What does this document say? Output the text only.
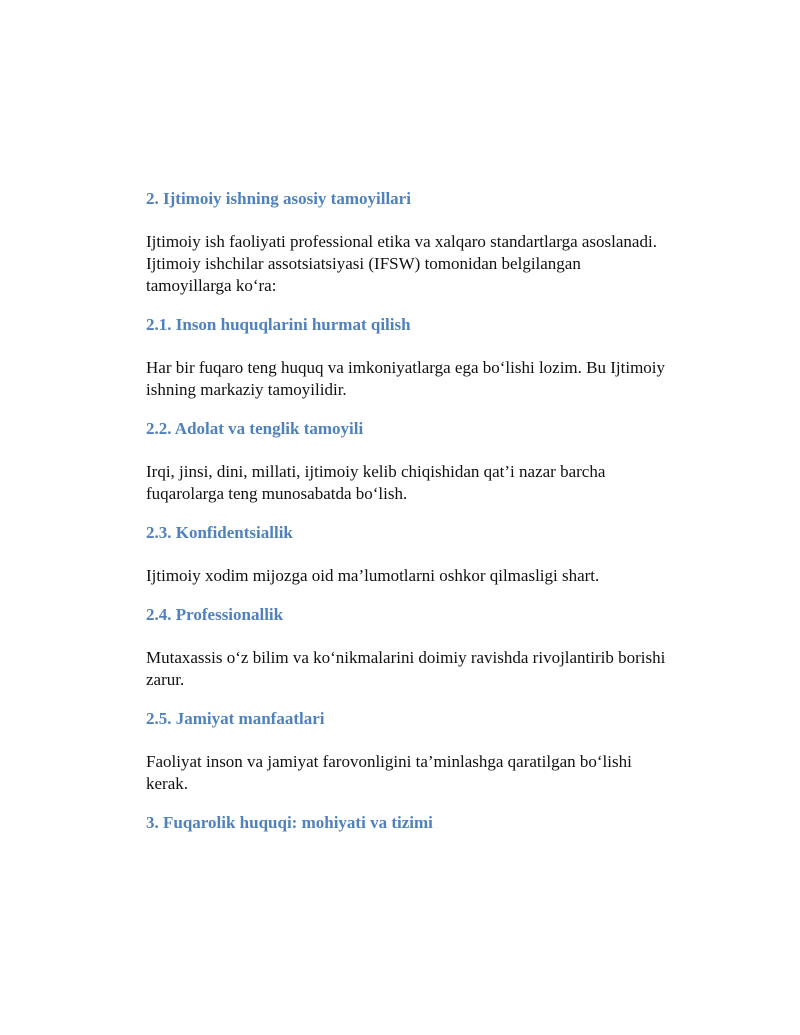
2. Ijtimoiy ishning asosiy tamoyillari

Ijtimoiy ish faoliyati professional etika va xalqaro standartlarga asoslanadi. Ijtimoiy ishchilar assotsiatsiyasi (IFSW) tomonidan belgilangan tamoyillarga koʻra:

2.1. Inson huquqlarini hurmat qilish

Har bir fuqaro teng huquq va imkoniyatlarga ega boʻlishi lozim. Bu Ijtimoiy ishning markaziy tamoyilidir.

2.2. Adolat va tenglik tamoyili

Irqi, jinsi, dini, millati, ijtimoiy kelib chiqishidan qat’i nazar barcha fuqarolarga teng munosabatda boʻlish.

2.3. Konfidentsiallik

Ijtimoiy xodim mijozga oid ma’lumotlarni oshkor qilmasligi shart.

2.4. Professionallik

Mutaxassis oʻz bilim va koʻnikmalarini doimiy ravishda rivojlantirib borishi zarur.

2.5. Jamiyat manfaatlari

Faoliyat inson va jamiyat farovonligini ta’minlashga qaratilgan boʻlishi kerak.

3. Fuqarolik huquqi: mohiyati va tizimi
